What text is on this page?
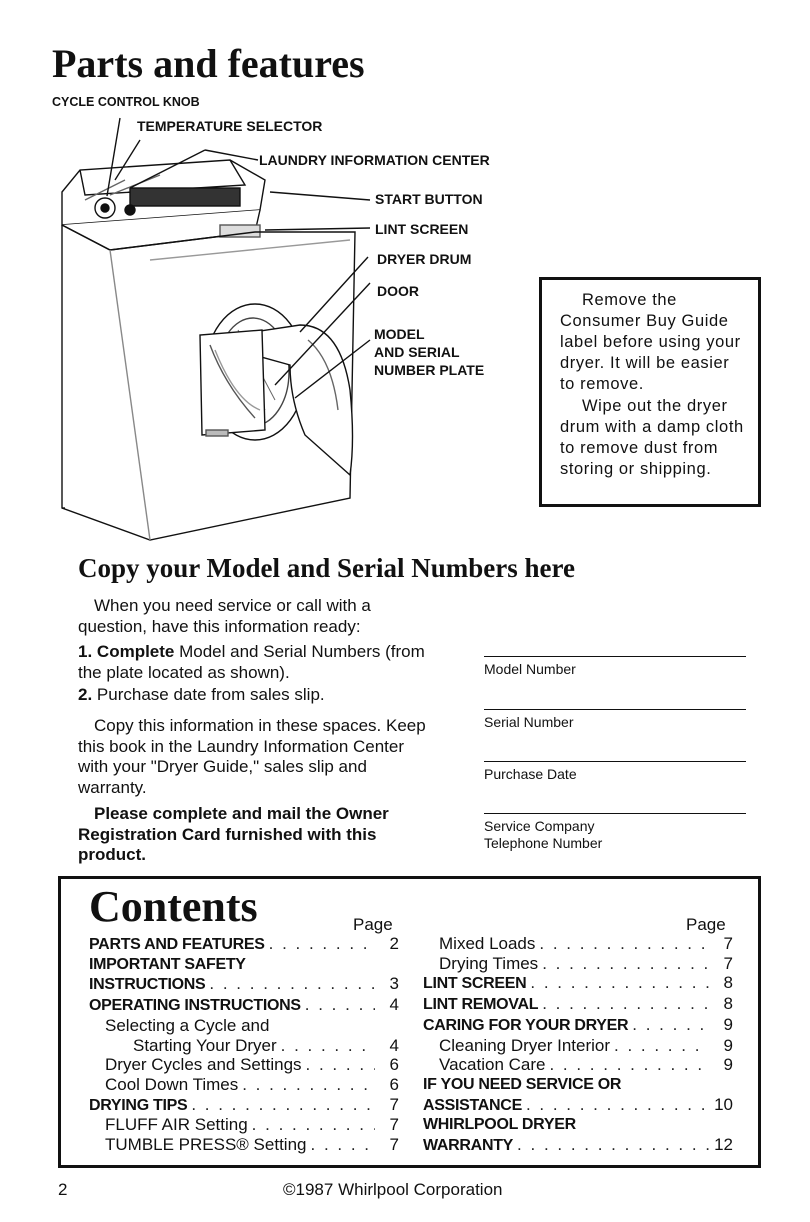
Parts and features
CYCLE CONTROL KNOB
TEMPERATURE SELECTOR
LAUNDRY INFORMATION CENTER
START BUTTON
LINT SCREEN
DRYER DRUM
DOOR
MODEL
AND SERIAL
NUMBER PLATE

Remove the Consumer Buy Guide label before using your dryer. It will be easier to remove.

Wipe out the dryer drum with a damp cloth to remove dust from storing or shipping.

Copy your Model and Serial Numbers here
When you need service or call with a question, have this information ready:
1. Complete Model and Serial Numbers (from the plate located as shown).
2. Purchase date from sales slip.
Copy this information in these spaces. Keep this book in the Laundry Information Center with your "Dryer Guide," sales slip and warranty.
Please complete and mail the Owner Registration Card furnished with this product.
Model Number
Serial Number
Purchase Date
Service Company
Telephone Number
Contents	Page	Page
PARTS AND FEATURES . . .	2
IMPORTANT SAFETY
INSTRUCTIONS . . .	3
OPERATING INSTRUCTIONS . . .	4
Selecting a Cycle and
Starting Your Dryer . . .	4
Dryer Cycles and Settings . . .	6
Cool Down Times . . .	6
DRYING TIPS . . .	7
FLUFF AIR Setting . . .	7
TUMBLE PRESS® Setting . . .	7
Mixed Loads . . .	7
Drying Times . . .	7
LINT SCREEN . . .	8
LINT REMOVAL . . .	8
CARING FOR YOUR DRYER . . .	9
Cleaning Dryer Interior . . .	9
Vacation Care . . .	9
IF YOU NEED SERVICE OR
ASSISTANCE . . .	10
WHIRLPOOL DRYER
WARRANTY . . .	12
2	©1987 Whirlpool Corporation
